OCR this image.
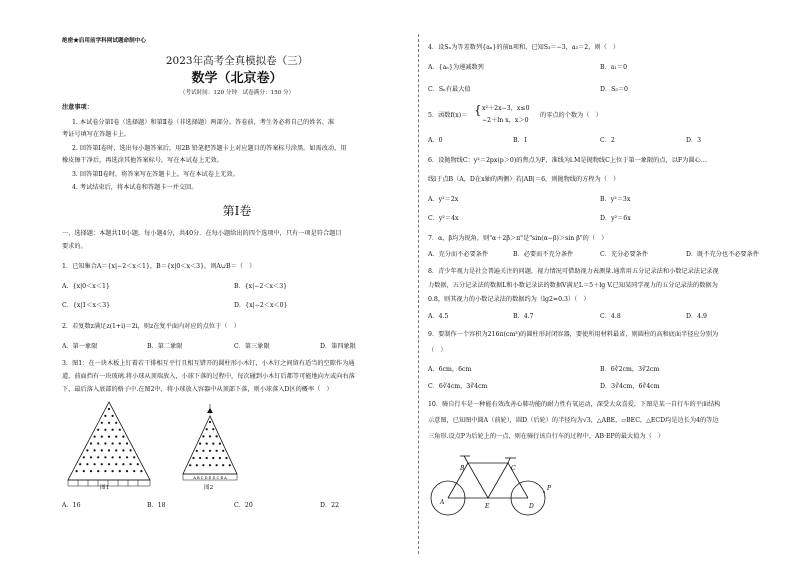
绝密★启用前学科网试题命制中心
2023年高考全真模拟卷（三）
数学（北京卷）
（考试时间：120 分钟　试卷满分：150 分）
注意事项：
1. 本试卷分第Ⅰ卷（选择题）和第Ⅱ卷（非选择题）两部分。答卷前，考生务必将自己的姓名、准
考证号填写在答题卡上。
2. 回答第Ⅰ卷时，选出每小题答案后，用2B 铅笔把答题卡上对应题目的答案标号涂黑。如需改动，用
橡皮擦干净后，再选涂其他答案标号。写在本试卷上无效。
3. 回答第Ⅱ卷时，将答案写在答题卡上。写在本试卷上无效。
4. 考试结束后，将本试卷和答题卡一并交回。
第Ⅰ卷
一、选择题：本题共10小题，每小题4分，共40分．在每小题给出的四个选项中，只有一项是符合题目
要求的。
1．已知集合A＝{x|−2＜x＜1}，B＝{x|0＜x＜3}，则A∪B＝（　）
A．{x|0＜x＜1}	B．{x|−2＜x＜3}
C．{x|1＜x＜3}	D．{x|−2＜x＜0}
2．若复数z满足z(1+i)＝2i，则z在复平面内对应的点位于（　）
A．第一象限	B．第二象限	C．第三象限	D．第四象限
3．图1：在一块木板上钉着若干排相互平行且相互错开的圆柱形小木钉，小木钉之间留有适当的空隙作为通
道，前面挡有一块玻璃.将小球从顶端放入，小球下落的过程中，每次碰到小木钉后都等可能地向左或向右落
下，最后落入底部的格子中.在图2中，将小球放入容器中从顶部下落，则小球落入D区的概率（　）
图1
A B C D E D C B A
图2
A．16	B．18	C．20	D．22
4．设Sₙ为等差数列{aₙ}的前n项和，已知S₃＝−3，a₃＝2，则（　）
A．{aₙ}为递减数列	B．a₁＝0
C．Sₙ有最大值	D．S₅＝0
5．函数f(x)＝ { x²＋2x−3，x≤0
−2＋ln x，x＞0
的零点的个数为（　）
A．0	B．1	C．2	D．3
6．设抛物线C：y²＝2px(p＞0)的焦点为F，准线为l.M是抛物线C上位于第一象限的点，以F为圆心…
线l于点B（A，D在x轴的两侧）若|AB|＝6，则抛物线的方程为（　）
A．y²＝2x	B．y²＝3x
C．y²＝4x	D．y²＝6x
7．α，β均为锐角，则"α＋2β＞π"是"sin(α−β)＞sin β"的（　）
A．充分而不必要条件	B．必要而不充分条件	C．充分必要条件	D．既不充分也不必要条件
8．青少年视力是社会普遍关注的问题，视力情况可借助视力表测量.通常用五分记录法和小数记录法记录视
力数据，五分记录法的数据L和小数记录法的数据V满足L＝5＋lg V.已知某同学视力的五分记录法的数据为
0.8，则其视力的小数记录法的数据约为（lg2≈0.3）（　）
A．4.5	B．4.7	C．4.8	D．4.9
9．要制作一个容积为216π(cm³)的圆柱形封闭容器，要使所用材料最省，则圆柱的高和底面半径应分别为
（　）
A．6cm，6cm	B．6∛2cm，3∛2cm
C．6∛4cm，3∛4cm	D．3∛4cm，6∛4cm
10．骑自行车是一种能有效改善心肺功能的耐力性有氧运动，深受大众喜爱，下图是某一自行车的平面结构
示意图，已知图中圆A（前轮），圆D（后轮）的半径均为√3，△ABE，▱BEC，△ECD均是边长为4的等边
三角形.设点P为后轮上的一点，则在骑行该自行车的过程中，AB·EP的最大值为（　）
A
B	C
D
E
P
